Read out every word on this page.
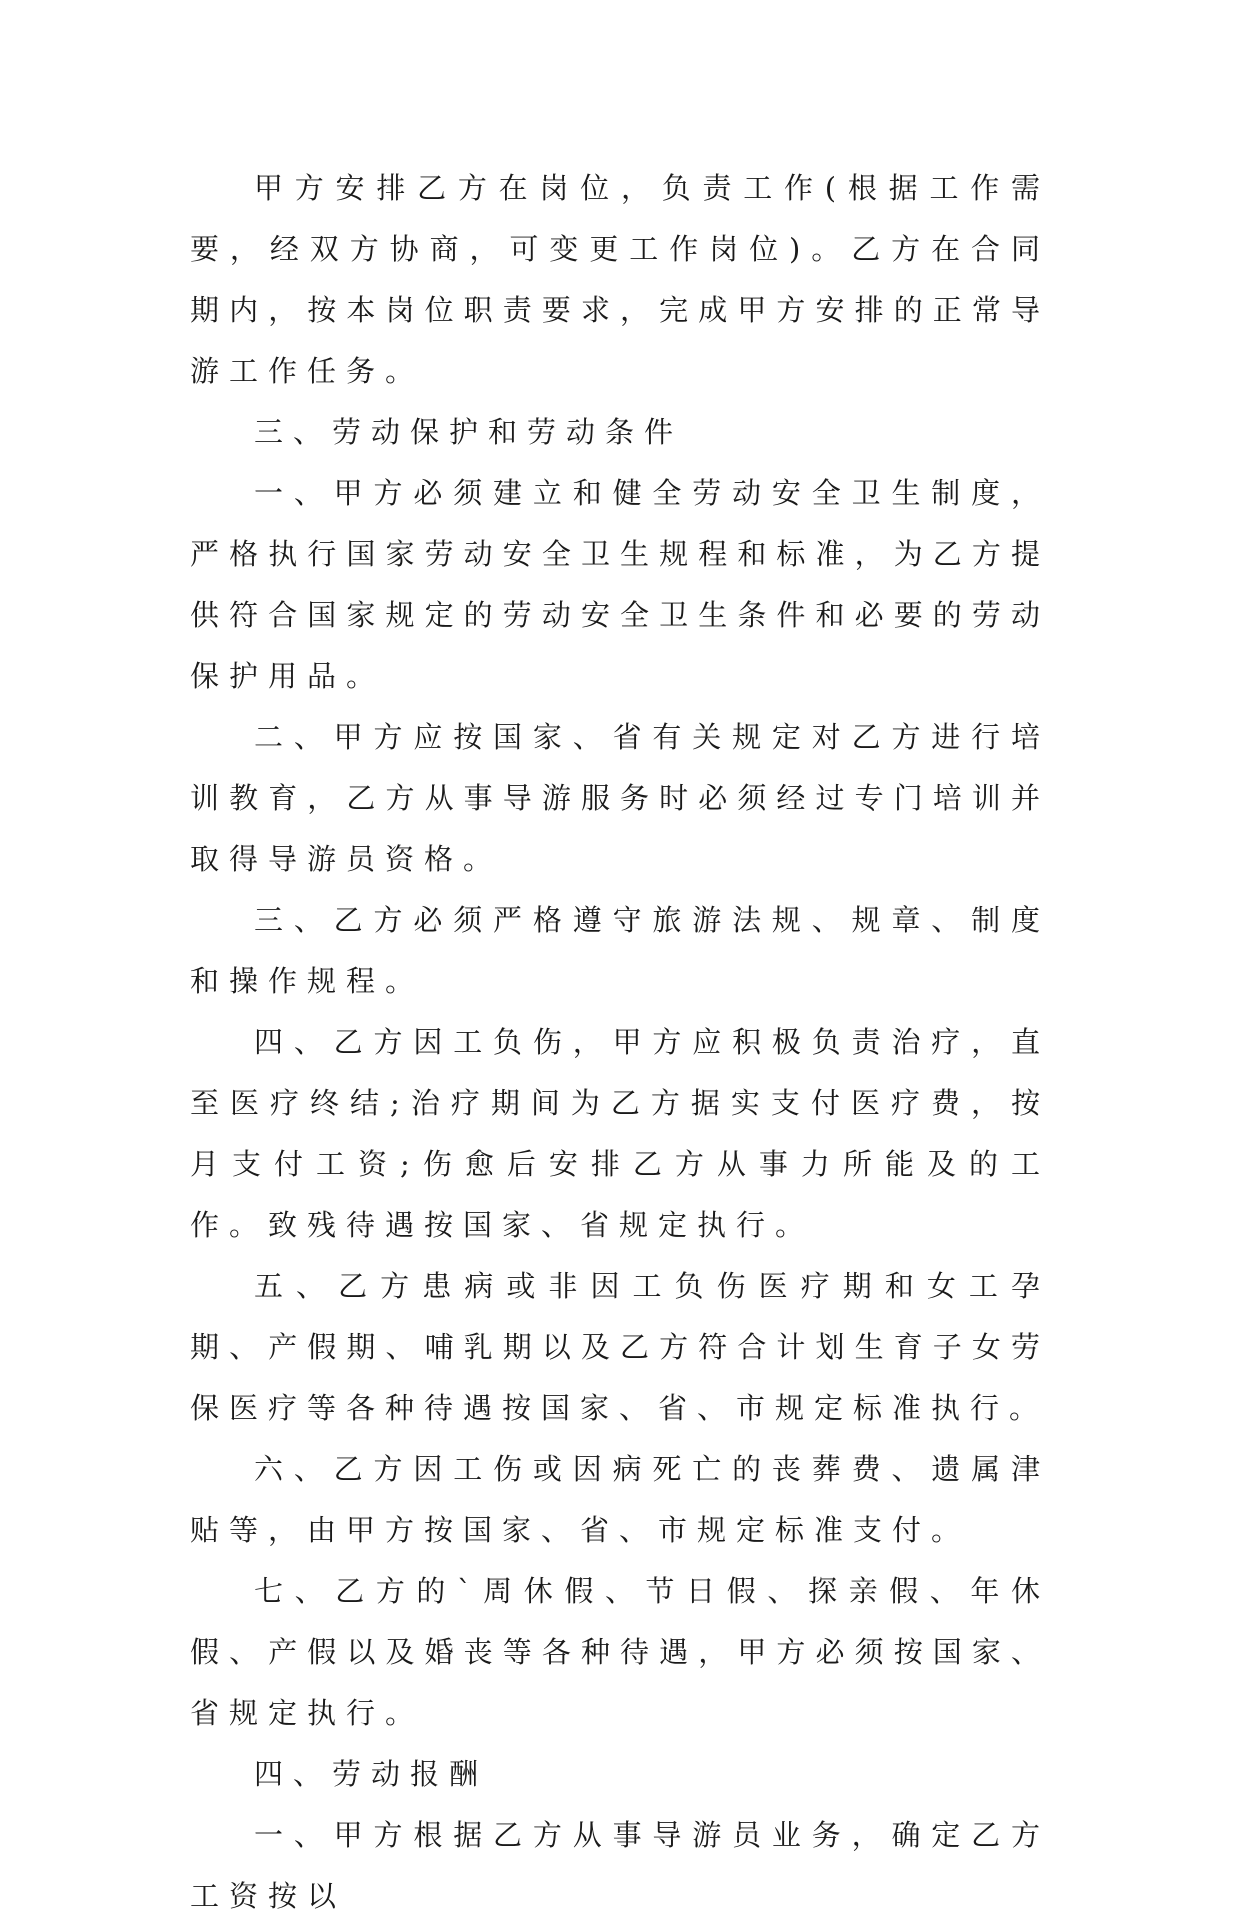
甲方安排乙方在岗位，负责工作(根据工作需要，经双方协商，可变更工作岗位)。乙方在合同期内，按本岗位职责要求，完成甲方安排的正常导游工作任务。

三、劳动保护和劳动条件

一、甲方必须建立和健全劳动安全卫生制度，严格执行国家劳动安全卫生规程和标准，为乙方提供符合国家规定的劳动安全卫生条件和必要的劳动保护用品。

二、甲方应按国家、省有关规定对乙方进行培训教育，乙方从事导游服务时必须经过专门培训并取得导游员资格。

三、乙方必须严格遵守旅游法规、规章、制度和操作规程。

四、乙方因工负伤，甲方应积极负责治疗，直至医疗终结;治疗期间为乙方据实支付医疗费，按月支付工资;伤愈后安排乙方从事力所能及的工作。致残待遇按国家、省规定执行。

五、乙方患病或非因工负伤医疗期和女工孕期、产假期、哺乳期以及乙方符合计划生育子女劳保医疗等各种待遇按国家、省、市规定标准执行。

六、乙方因工伤或因病死亡的丧葬费、遗属津贴等，由甲方按国家、省、市规定标准支付。

七、乙方的`周休假、节日假、探亲假、年休假、产假以及婚丧等各种待遇，甲方必须按国家、省规定执行。

四、劳动报酬

一、甲方根据乙方从事导游员业务，确定乙方工资按以
